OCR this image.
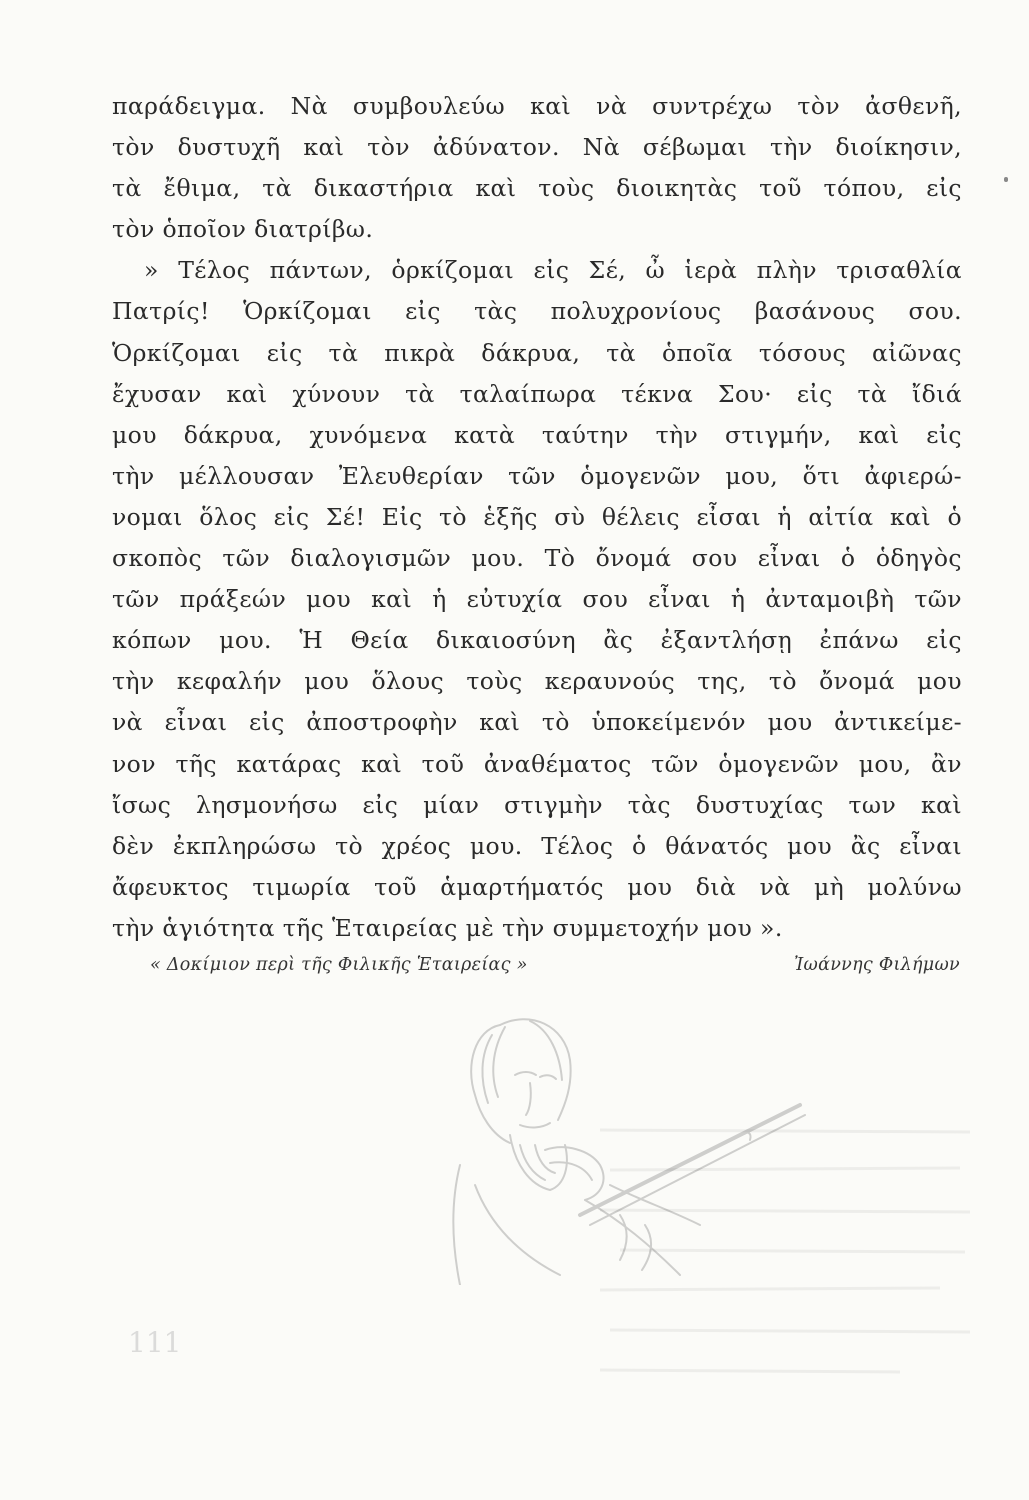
παράδειγμα. Νὰ συμβουλεύω καὶ νὰ συντρέχω τὸν ἀσθενῆ,
τὸν δυστυχῆ καὶ τὸν ἀδύνατον. Νὰ σέβωμαι τὴν διοίκησιν,
τὰ ἔθιμα, τὰ δικαστήρια καὶ τοὺς διοικητὰς τοῦ τόπου, εἰς
τὸν ὁποῖον διατρίβω.
» Τέλος πάντων, ὁρκίζομαι εἰς Σέ, ὦ ἱερὰ πλὴν τρισαθλία
Πατρίς! Ὁρκίζομαι εἰς τὰς πολυχρονίους βασάνους σου.
Ὁρκίζομαι εἰς τὰ πικρὰ δάκρυα, τὰ ὁποῖα τόσους αἰῶνας
ἔχυσαν καὶ χύνουν τὰ ταλαίπωρα τέκνα Σου· εἰς τὰ ἴδιά
μου δάκρυα, χυνόμενα κατὰ ταύτην τὴν στιγμήν, καὶ εἰς
τὴν μέλλουσαν Ἐλευθερίαν τῶν ὁμογενῶν μου, ὅτι ἀφιερώ-
νομαι ὅλος εἰς Σέ! Εἰς τὸ ἑξῆς σὺ θέλεις εἶσαι ἡ αἰτία καὶ ὁ
σκοπὸς τῶν διαλογισμῶν μου. Τὸ ὄνομά σου εἶναι ὁ ὁδηγὸς
τῶν πράξεών μου καὶ ἡ εὐτυχία σου εἶναι ἡ ἀνταμοιβὴ τῶν
κόπων μου. Ἡ Θεία δικαιοσύνη ἂς ἐξαντλήσῃ ἐπάνω εἰς
τὴν κεφαλήν μου ὅλους τοὺς κεραυνούς της, τὸ ὄνομά μου
νὰ εἶναι εἰς ἀποστροφὴν καὶ τὸ ὑποκείμενόν μου ἀντικείμε-
νον τῆς κατάρας καὶ τοῦ ἀναθέματος τῶν ὁμογενῶν μου, ἂν
ἴσως λησμονήσω εἰς μίαν στιγμὴν τὰς δυστυχίας των καὶ
δὲν ἐκπληρώσω τὸ χρέος μου. Τέλος ὁ θάνατός μου ἂς εἶναι
ἄφευκτος τιμωρία τοῦ ἁμαρτήματός μου διὰ νὰ μὴ μολύνω
τὴν ἁγιότητα τῆς Ἑταιρείας μὲ τὴν συμμετοχήν μου ».
« Δοκίμιον περὶ τῆς Φιλικῆς Ἑταιρείας »	Ἰωάννης Φιλήμων
111
